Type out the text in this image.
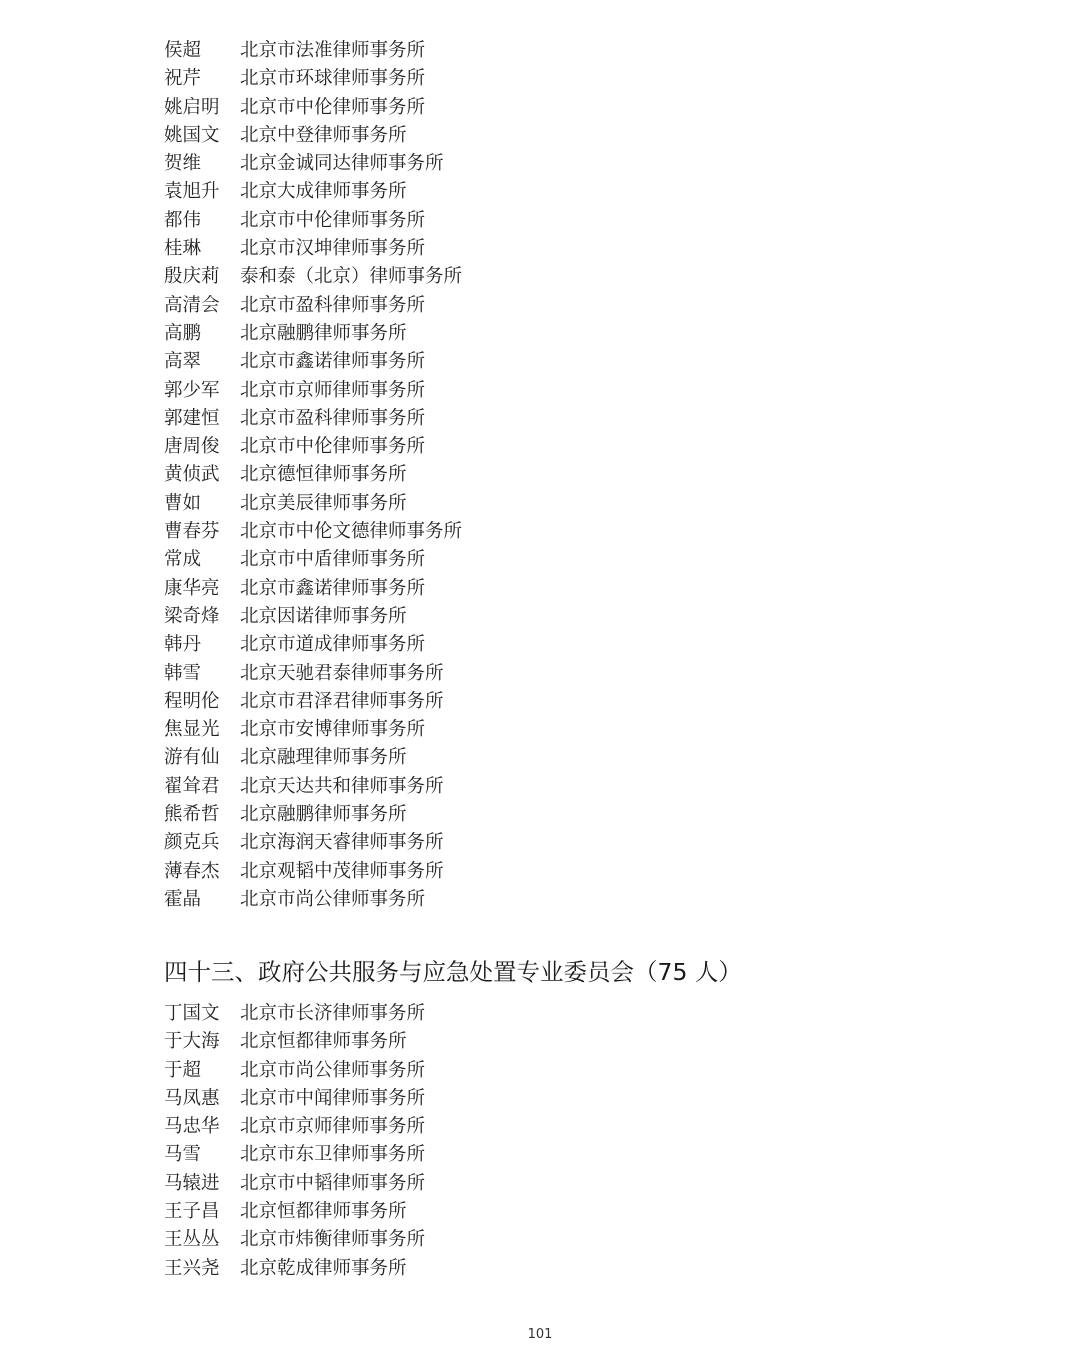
侯超	北京市法准律师事务所
祝芹	北京市环球律师事务所
姚启明	北京市中伦律师事务所
姚国文	北京中登律师事务所
贺维	北京金诚同达律师事务所
袁旭升	北京大成律师事务所
都伟	北京市中伦律师事务所
桂琳	北京市汉坤律师事务所
殷庆莉	泰和泰（北京）律师事务所
高清会	北京市盈科律师事务所
高鹏	北京融鹏律师事务所
高翠	北京市鑫诺律师事务所
郭少军	北京市京师律师事务所
郭建恒	北京市盈科律师事务所
唐周俊	北京市中伦律师事务所
黄侦武	北京德恒律师事务所
曹如	北京美辰律师事务所
曹春芬	北京市中伦文德律师事务所
常成	北京市中盾律师事务所
康华亮	北京市鑫诺律师事务所
梁奇烽	北京因诺律师事务所
韩丹	北京市道成律师事务所
韩雪	北京天驰君泰律师事务所
程明伦	北京市君泽君律师事务所
焦显光	北京市安博律师事务所
游有仙	北京融理律师事务所
翟耸君	北京天达共和律师事务所
熊希哲	北京融鹏律师事务所
颜克兵	北京海润天睿律师事务所
薄春杰	北京观韬中茂律师事务所
霍晶	北京市尚公律师事务所
四十三、政府公共服务与应急处置专业委员会（75 人）
丁国文	北京市长济律师事务所
于大海	北京恒都律师事务所
于超	北京市尚公律师事务所
马凤惠	北京市中闻律师事务所
马忠华	北京市京师律师事务所
马雪	北京市东卫律师事务所
马辕进	北京市中韬律师事务所
王子昌	北京恒都律师事务所
王丛丛	北京市炜衡律师事务所
王兴尧	北京乾成律师事务所
101
